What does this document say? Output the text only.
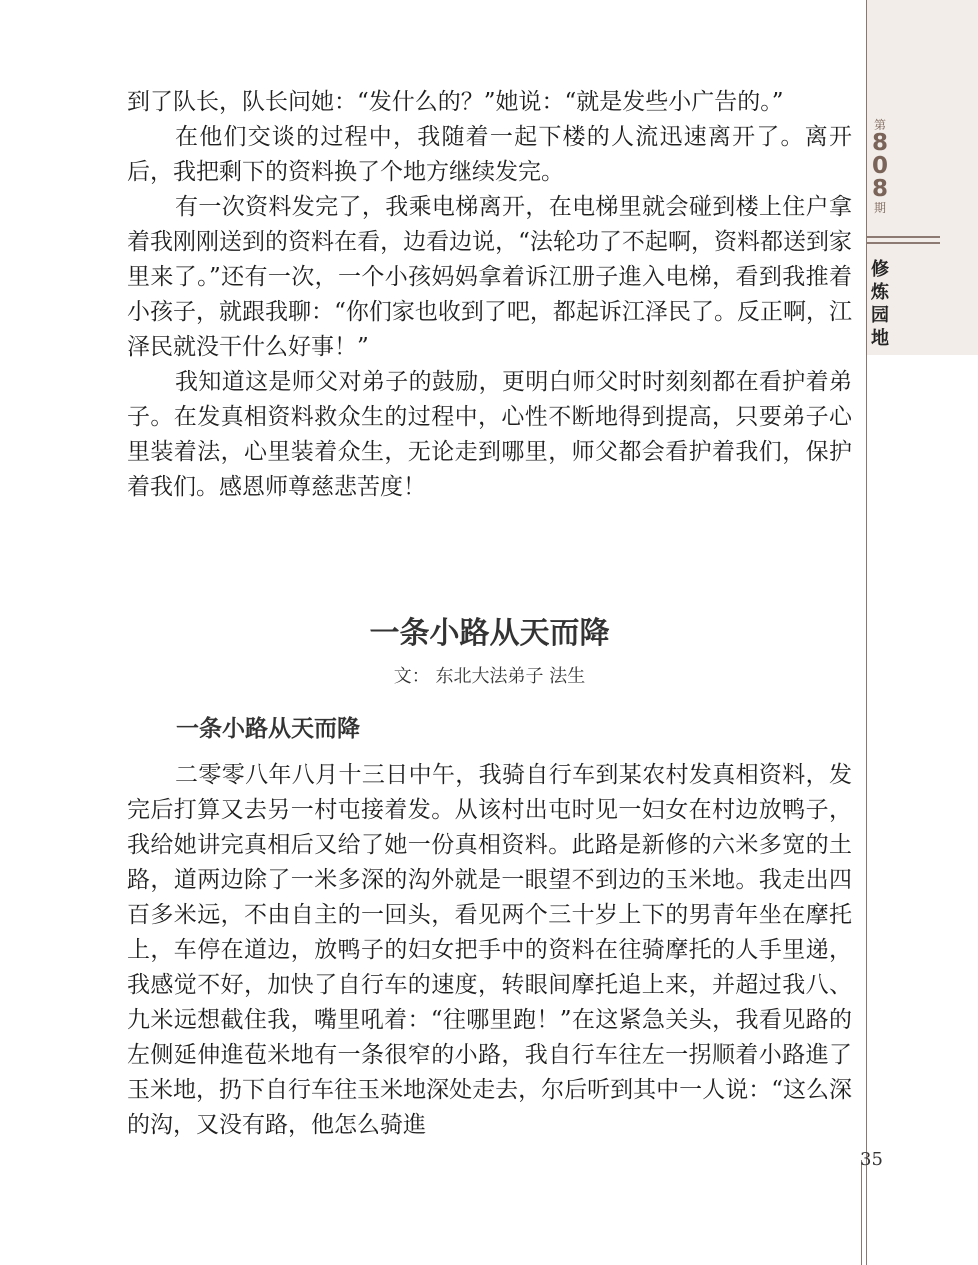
第
8
0
8
期
修
炼
园
地

到了队长，队长问她：“发什么的？”她说：“就是发些小广告的。”

在他们交谈的过程中，我随着一起下楼的人流迅速离开了。离开后，我把剩下的资料换了个地方继续发完。

有一次资料发完了，我乘电梯离开，在电梯里就会碰到楼上住户拿着我刚刚送到的资料在看，边看边说，“法轮功了不起啊，资料都送到家里来了。”还有一次，一个小孩妈妈拿着诉江册子進入电梯，看到我推着小孩子，就跟我聊：“你们家也收到了吧，都起诉江泽民了。反正啊，江泽民就没干什么好事！”

我知道这是师父对弟子的鼓励，更明白师父时时刻刻都在看护着弟子。在发真相资料救众生的过程中，心性不断地得到提高，只要弟子心里装着法，心里装着众生，无论走到哪里，师父都会看护着我们，保护着我们。感恩师尊慈悲苦度！

一条小路从天而降

文： 东北大法弟子 法生

一条小路从天而降

二零零八年八月十三日中午，我骑自行车到某农村发真相资料，发完后打算又去另一村屯接着发。从该村出屯时见一妇女在村边放鸭子，我给她讲完真相后又给了她一份真相资料。此路是新修的六米多宽的土路，道两边除了一米多深的沟外就是一眼望不到边的玉米地。我走出四百多米远，不由自主的一回头，看见两个三十岁上下的男青年坐在摩托上，车停在道边，放鸭子的妇女把手中的资料在往骑摩托的人手里递，我感觉不好，加快了自行车的速度，转眼间摩托追上来，并超过我八、九米远想截住我，嘴里吼着：“往哪里跑！”在这紧急关头，我看见路的左侧延伸進苞米地有一条很窄的小路，我自行车往左一拐顺着小路進了玉米地，扔下自行车往玉米地深处走去，尔后听到其中一人说：“这么深的沟，又没有路，他怎么骑進

35
